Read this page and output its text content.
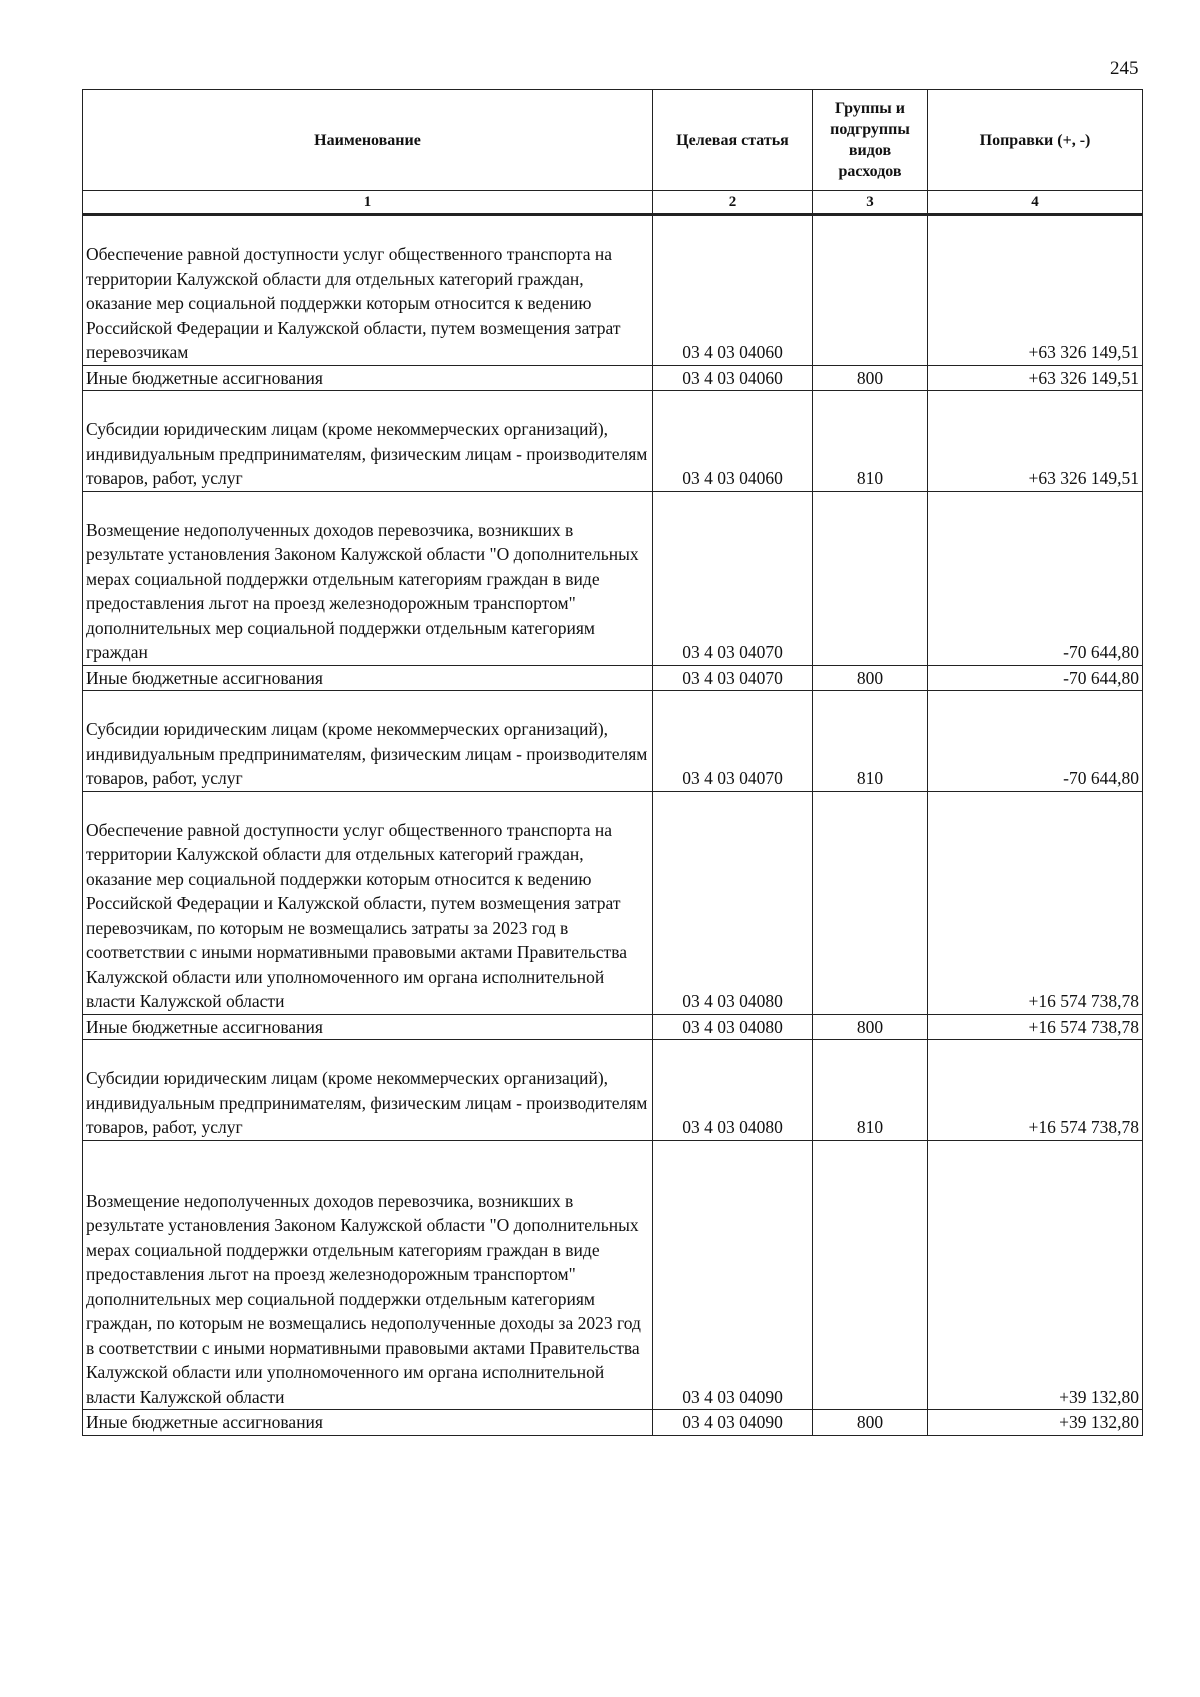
245
Наименование	Целевая статья	Группы и подгруппы видов расходов	Поправки (+, -)
1	2	3	4
Обеспечение равной доступности услуг общественного транспорта на территории Калужской области для отдельных категорий граждан, оказание мер социальной поддержки которым относится к ведению Российской Федерации и Калужской области, путем возмещения затрат перевозчикам	03 4 03 04060		+63 326 149,51
Иные бюджетные ассигнования	03 4 03 04060	800	+63 326 149,51
Субсидии юридическим лицам (кроме некоммерческих организаций), индивидуальным предпринимателям, физическим лицам - производителям товаров, работ, услуг	03 4 03 04060	810	+63 326 149,51
Возмещение недополученных доходов перевозчика, возникших в результате установления Законом Калужской области "О дополнительных мерах социальной поддержки отдельным категориям граждан в виде предоставления льгот на проезд железнодорожным транспортом" дополнительных мер социальной поддержки отдельным категориям граждан	03 4 03 04070		-70 644,80
Иные бюджетные ассигнования	03 4 03 04070	800	-70 644,80
Субсидии юридическим лицам (кроме некоммерческих организаций), индивидуальным предпринимателям, физическим лицам - производителям товаров, работ, услуг	03 4 03 04070	810	-70 644,80
Обеспечение равной доступности услуг общественного транспорта на территории Калужской области для отдельных категорий граждан, оказание мер социальной поддержки которым относится к ведению Российской Федерации и Калужской области, путем возмещения затрат перевозчикам, по которым не возмещались затраты за 2023 год в соответствии с иными нормативными правовыми актами Правительства Калужской области или уполномоченного им органа исполнительной власти Калужской области	03 4 03 04080		+16 574 738,78
Иные бюджетные ассигнования	03 4 03 04080	800	+16 574 738,78
Субсидии юридическим лицам (кроме некоммерческих организаций), индивидуальным предпринимателям, физическим лицам - производителям товаров, работ, услуг	03 4 03 04080	810	+16 574 738,78
Возмещение недополученных доходов перевозчика, возникших в результате установления Законом Калужской области "О дополнительных мерах социальной поддержки отдельным категориям граждан в виде предоставления льгот на проезд железнодорожным транспортом" дополнительных мер социальной поддержки отдельным категориям граждан, по которым не возмещались недополученные доходы за 2023 год в соответствии с иными нормативными правовыми актами Правительства Калужской области или уполномоченного им органа исполнительной власти Калужской области	03 4 03 04090		+39 132,80
Иные бюджетные ассигнования	03 4 03 04090	800	+39 132,80
